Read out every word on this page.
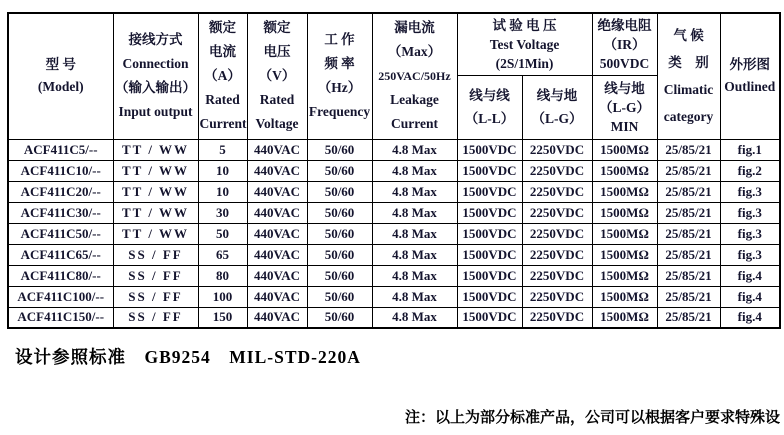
型 号
(Model)	接线方式
Connection
（输入输出）
Input output	额定
电流
（A）
Rated
Current	额定
电压
（V）
Rated
Voltage	工 作
频 率
（Hz）
Frequency	漏电流
（Max）
250VAC/50Hz
Leakage
Current	试 验 电 压
Test Voltage
(2S/1Min)		绝缘电阻
（IR）
500VDC	气 候
类　别
Climatic
category	外形图
Outlined

						线与线
（L-L）	线与地
（L-G）	线与地
（L-G）
MIN		

ACF411C5/--	TT / WW	5	440VAC	50/60	4.8 Max	1500VDC	2250VDC	1500MΩ	25/85/21	fig.1
ACF411C10/--	TT / WW	10	440VAC	50/60	4.8 Max	1500VDC	2250VDC	1500MΩ	25/85/21	fig.2
ACF411C20/--	TT / WW	10	440VAC	50/60	4.8 Max	1500VDC	2250VDC	1500MΩ	25/85/21	fig.3
ACF411C30/--	TT / WW	30	440VAC	50/60	4.8 Max	1500VDC	2250VDC	1500MΩ	25/85/21	fig.3
ACF411C50/--	TT / WW	50	440VAC	50/60	4.8 Max	1500VDC	2250VDC	1500MΩ	25/85/21	fig.3
ACF411C65/--	SS / FF	65	440VAC	50/60	4.8 Max	1500VDC	2250VDC	1500MΩ	25/85/21	fig.3
ACF411C80/--	SS / FF	80	440VAC	50/60	4.8 Max	1500VDC	2250VDC	1500MΩ	25/85/21	fig.4
ACF411C100/--	SS / FF	100	440VAC	50/60	4.8 Max	1500VDC	2250VDC	1500MΩ	25/85/21	fig.4
ACF411C150/--	SS / FF	150	440VAC	50/60	4.8 Max	1500VDC	2250VDC	1500MΩ	25/85/21	fig.4
设计参照标准　GB9254　MIL-STD-220A
注：以上为部分标准产品，公司可以根据客户要求特殊设
